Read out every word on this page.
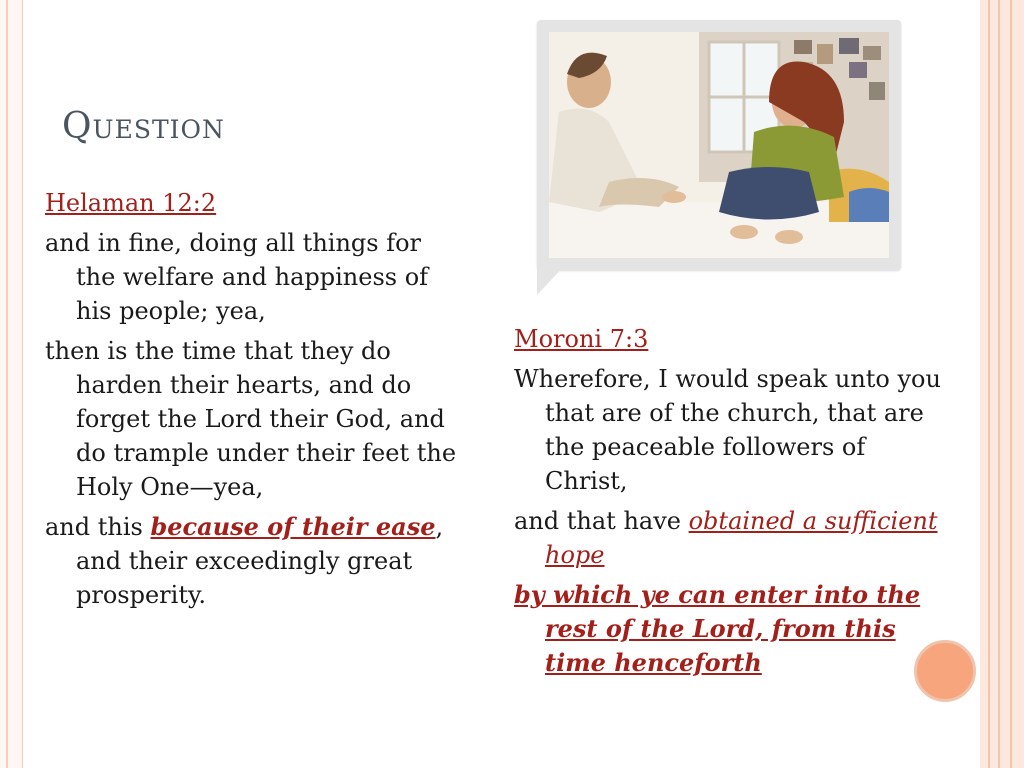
Question

Helaman 12:2

and in fine, doing all things for the welfare and happiness of his people; yea,

then is the time that they do harden their hearts, and do forget the Lord their God, and do trample under their feet the Holy One—yea,

and this because of their ease, and their exceedingly great prosperity.

Moroni 7:3

Wherefore, I would speak unto you that are of the church, that are the peaceable followers of Christ,

and that have obtained a sufficient hope

by which ye can enter into the rest of the Lord, from this time henceforth
